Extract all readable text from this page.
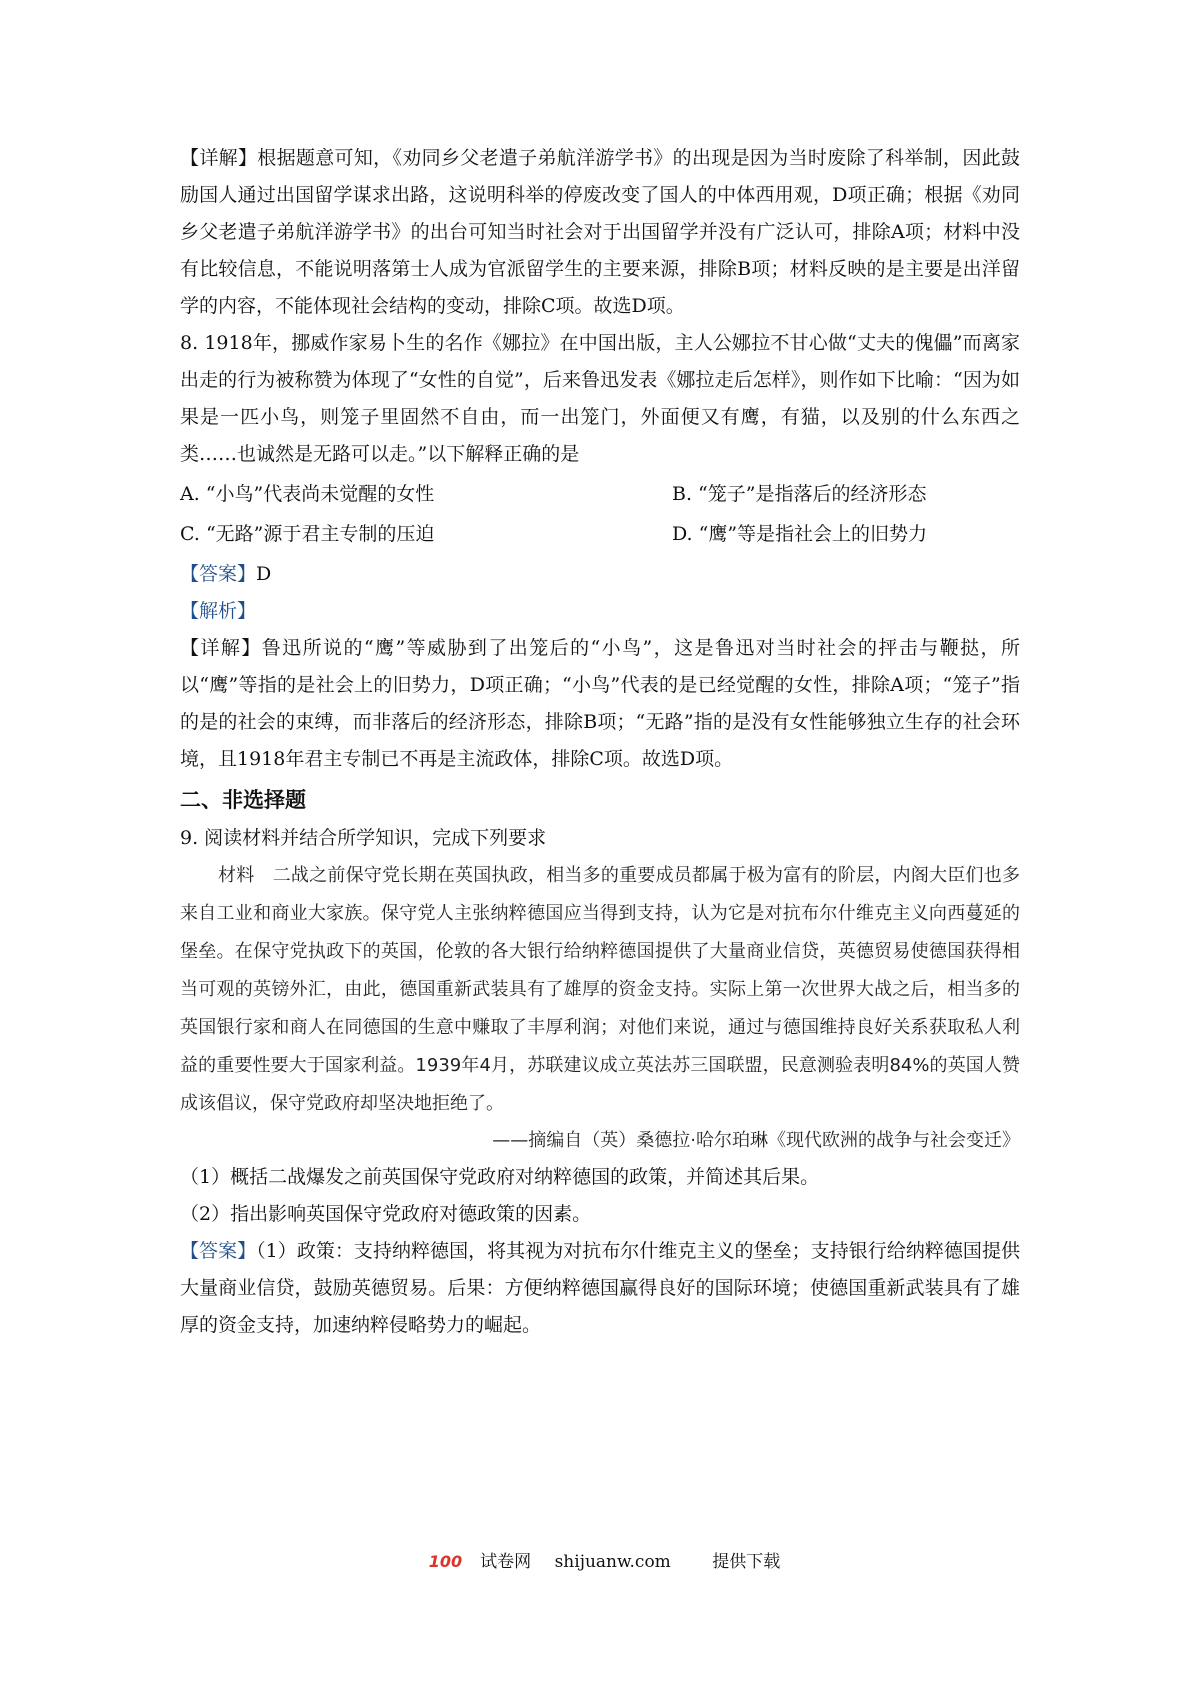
【详解】根据题意可知，《劝同乡父老遣子弟航洋游学书》的出现是因为当时废除了科举制，因此鼓励国人通过出国留学谋求出路，这说明科举的停废改变了国人的中体西用观，D项正确；根据《劝同乡父老遣子弟航洋游学书》的出台可知当时社会对于出国留学并没有广泛认可，排除A项；材料中没有比较信息，不能说明落第士人成为官派留学生的主要来源，排除B项；材料反映的是主要是出洋留学的内容，不能体现社会结构的变动，排除C项。故选D项。

8. 1918年，挪威作家易卜生的名作《娜拉》在中国出版，主人公娜拉不甘心做“丈夫的傀儡”而离家出走的行为被称赞为体现了“女性的自觉”，后来鲁迅发表《娜拉走后怎样》，则作如下比喻：“因为如果是一匹小鸟，则笼子里固然不自由，而一出笼门，外面便又有鹰，有猫，以及别的什么东西之类……也诚然是无路可以走。”以下解释正确的是

A. “小鸟”代表尚未觉醒的女性	B. “笼子”是指落后的经济形态
C. “无路”源于君主专制的压迫	D. “鹰”等是指社会上的旧势力

【答案】D

【解析】

【详解】鲁迅所说的“鹰”等威胁到了出笼后的“小鸟”，这是鲁迅对当时社会的抨击与鞭挞，所以“鹰”等指的是社会上的旧势力，D项正确；“小鸟”代表的是已经觉醒的女性，排除A项；“笼子”指的是的社会的束缚，而非落后的经济形态，排除B项；“无路”指的是没有女性能够独立生存的社会环境，且1918年君主专制已不再是主流政体，排除C项。故选D项。

二、非选择题

9. 阅读材料并结合所学知识，完成下列要求

材料　二战之前保守党长期在英国执政，相当多的重要成员都属于极为富有的阶层，内阁大臣们也多来自工业和商业大家族。保守党人主张纳粹德国应当得到支持，认为它是对抗布尔什维克主义向西蔓延的堡垒。在保守党执政下的英国，伦敦的各大银行给纳粹德国提供了大量商业信贷，英德贸易使德国获得相当可观的英镑外汇，由此，德国重新武装具有了雄厚的资金支持。实际上第一次世界大战之后，相当多的英国银行家和商人在同德国的生意中赚取了丰厚利润；对他们来说，通过与德国维持良好关系获取私人利益的重要性要大于国家利益。1939年4月，苏联建议成立英法苏三国联盟，民意测验表明84%的英国人赞成该倡议，保守党政府却坚决地拒绝了。

——摘编自（英）桑德拉·哈尔珀琳《现代欧洲的战争与社会变迁》

（1）概括二战爆发之前英国保守党政府对纳粹德国的政策，并简述其后果。

（2）指出影响英国保守党政府对德政策的因素。

【答案】（1）政策：支持纳粹德国，将其视为对抗布尔什维克主义的堡垒；支持银行给纳粹德国提供大量商业信贷，鼓励英德贸易。后果：方便纳粹德国赢得良好的国际环境；使德国重新武装具有了雄厚的资金支持，加速纳粹侵略势力的崛起。

100 试卷网 shijuanw.com 提供下载
